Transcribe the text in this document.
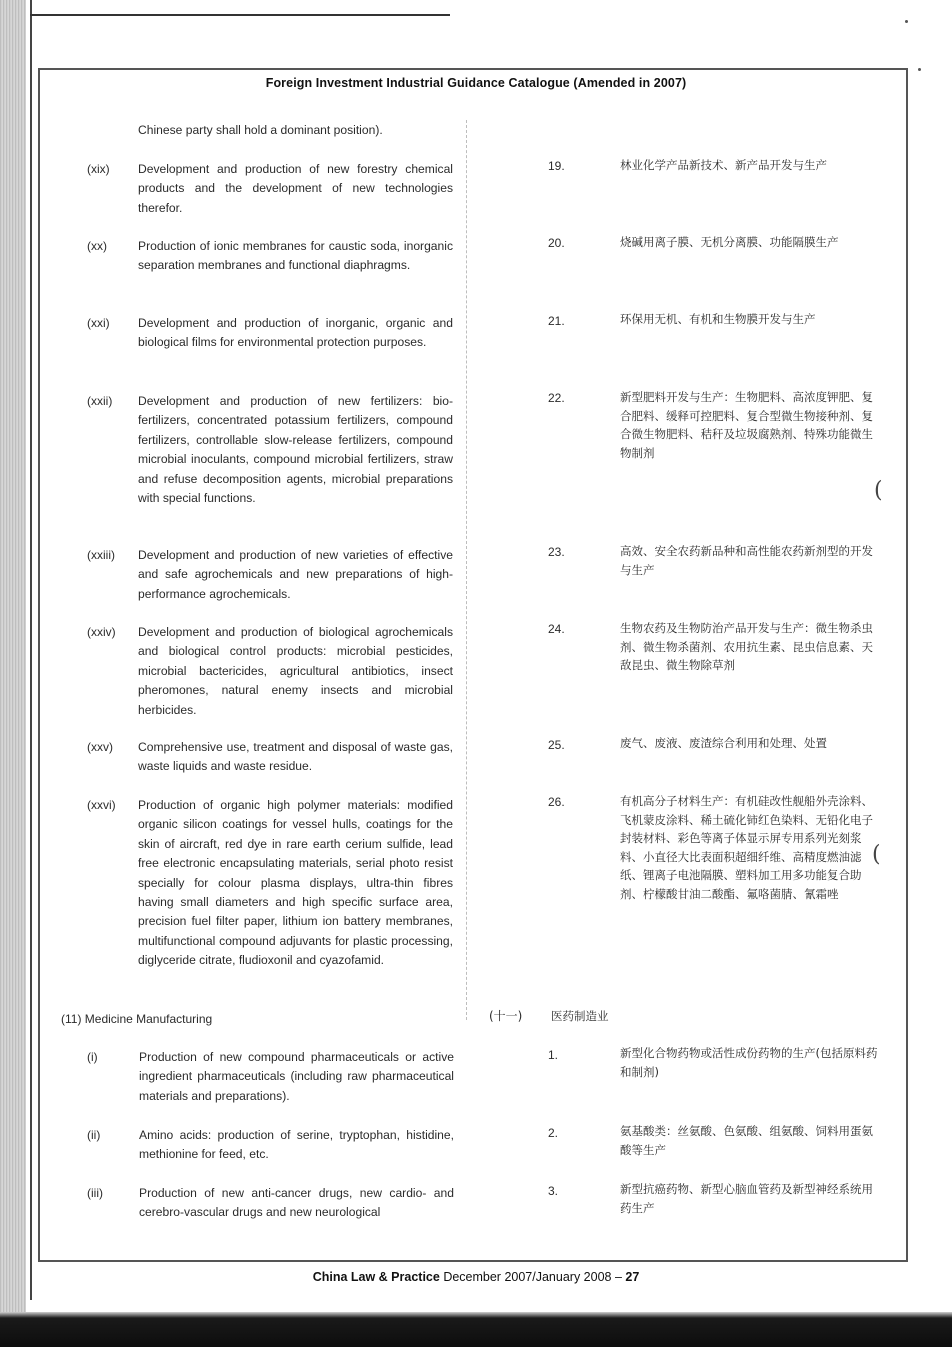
Foreign Investment Industrial Guidance Catalogue (Amended in 2007)
Chinese party shall hold a dominant position).
(xix) Development and production of new forestry chemical products and the development of new technologies therefor.
19.	林业化学产品新技术、新产品开发与生产
(xx)	Production of ionic membranes for caustic soda, inorganic separation membranes and functional diaphragms.
20.	烧碱用离子膜、无机分离膜、功能隔膜生产
(xxi) Development and production of inorganic, organic and biological films for environmental protection purposes.
21.	环保用无机、有机和生物膜开发与生产
(xxii) Development and production of new fertilizers: bio-fertilizers, concentrated potassium fertilizers, compound fertilizers, controllable slow-release fertilizers, compound microbial inoculants, compound microbial fertilizers, straw and refuse decomposition agents, microbial preparations with special functions.
22.	新型肥料开发与生产：生物肥料、高浓度钾肥、复合肥料、缓释可控肥料、复合型微生物接种剂、复合微生物肥料、秸秆及垃圾腐熟剂、特殊功能微生物制剂
(
(xxiii) Development and production of new varieties of effective and safe agrochemicals and new preparations of high-performance agrochemicals.
23.	高效、安全农药新品种和高性能农药新剂型的开发与生产
(xxiv) Development and production of biological agrochemicals and biological control products: microbial pesticides, microbial bactericides, agricultural antibiotics, insect pheromones, natural enemy insects and microbial herbicides.
24.	生物农药及生物防治产品开发与生产：微生物杀虫剂、微生物杀菌剂、农用抗生素、昆虫信息素、天敌昆虫、微生物除草剂
(xxv) Comprehensive use, treatment and disposal of waste gas, waste liquids and waste residue.
25.	废气、废液、废渣综合利用和处理、处置
(xxvi) Production of organic high polymer materials: modified organic silicon coatings for vessel hulls, coatings for the skin of aircraft, red dye in rare earth cerium sulfide, lead free electronic encapsulating materials, serial photo resist specially for colour plasma displays, ultra-thin fibres having small diameters and high specific surface area, precision fuel filter paper, lithium ion battery membranes, multifunctional compound adjuvants for plastic processing, diglyceride citrate, fludioxonil and cyazofamid.
26.	有机高分子材料生产：有机硅改性舰船外壳涂料、飞机蒙皮涂料、稀土硫化铈红色染料、无铅化电子封装材料、彩色等离子体显示屏专用系列光刻浆料、小直径大比表面积超细纤维、高精度燃油滤纸、锂离子电池隔膜、塑料加工用多功能复合助剂、柠檬酸甘油二酸酯、氟咯菌腈、氰霜唑
(
(11) Medicine Manufacturing	(十一) 医药制造业
(i)	Production of new compound pharmaceuticals or active ingredient pharmaceuticals (including raw pharmaceutical materials and preparations).
1.	新型化合物药物或活性成份药物的生产(包括原料药和制剂)
(ii)	Amino acids: production of serine, tryptophan, histidine, methionine for feed, etc.
2.	氨基酸类：丝氨酸、色氨酸、组氨酸、饲料用蛋氨酸等生产
(iii)	Production of new anti-cancer drugs, new cardio- and cerebro-vascular drugs and new neurological
3.	新型抗癌药物、新型心脑血管药及新型神经系统用药生产
China Law & Practice December 2007/January 2008 – 27
